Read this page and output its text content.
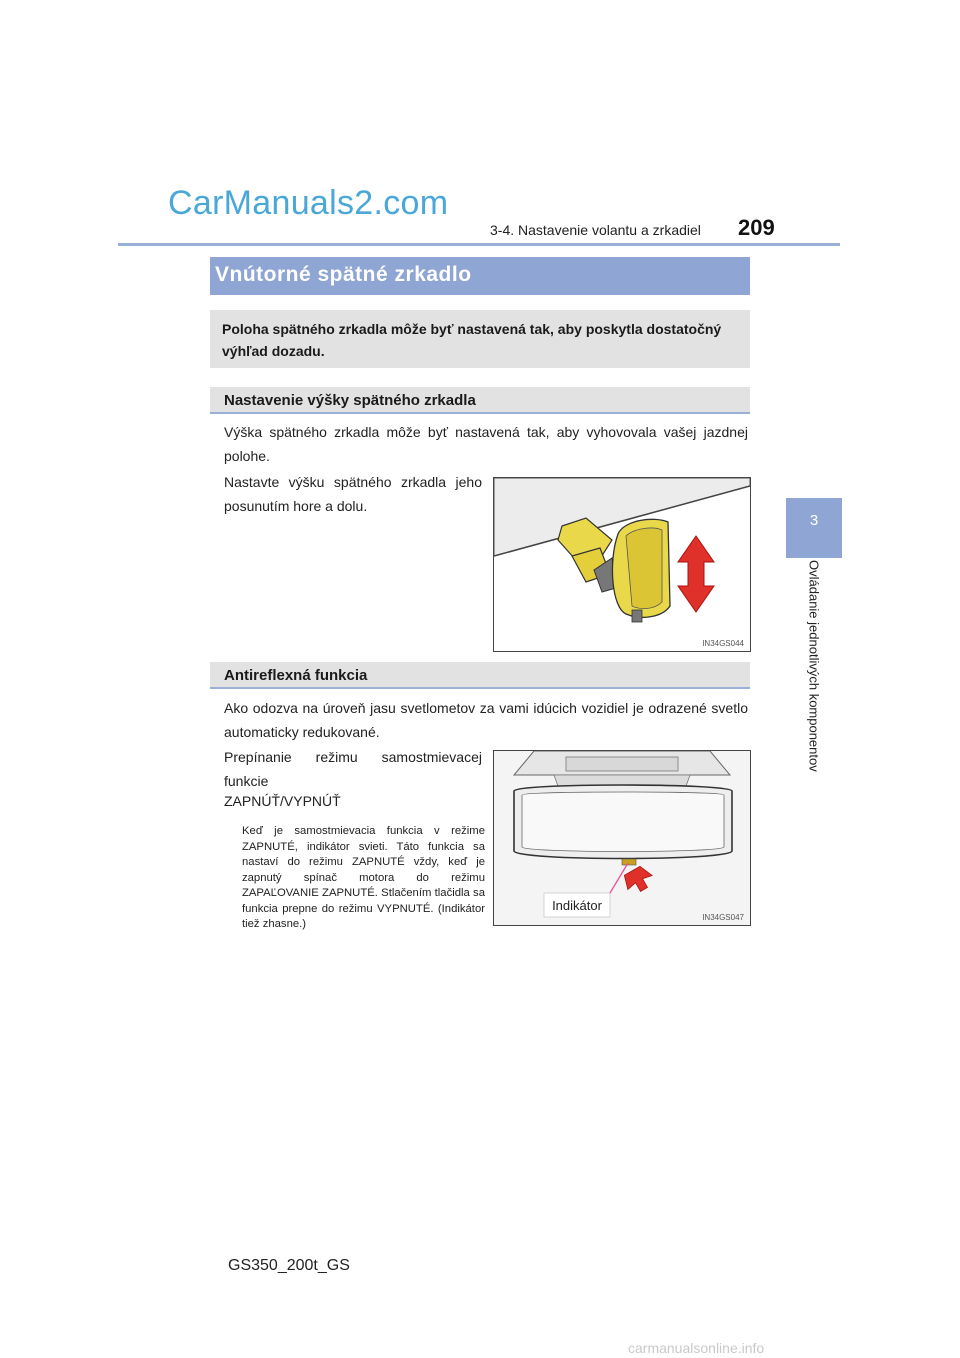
CarManuals2.com
3-4. Nastavenie volantu a zrkadiel 209
3
Ovládanie jednotlivých komponentov
Vnútorné spätné zrkadlo
Poloha spätného zrkadla môže byť nastavená tak, aby poskytla dostatočný výhľad dozadu.
Nastavenie výšky spätného zrkadla
Výška spätného zrkadla môže byť nastavená tak, aby vyhovovala vašej jazdnej polohe.
Nastavte výšku spätného zrkadla jeho posunutím hore a dolu.
IN34GS044
Antireflexná funkcia
Ako odozva na úroveň jasu svetlometov za vami idúcich vozidiel je odrazené svetlo automaticky redukované.
Prepínanie režimu samostmievacej funkcie
ZAPNÚŤ/VYPNÚŤ
Keď je samostmievacia funkcia v režime ZAPNUTÉ, indikátor svieti. Táto funkcia sa nastaví do režimu ZAPNUTÉ vždy, keď je zapnutý spínač motora do režimu ZAPAĽOVANIE ZAPNUTÉ. Stlačením tlačidla sa funkcia prepne do režimu VYPNUTÉ. (Indikátor tiež zhasne.)
Indikátor
IN34GS047
GS350_200t_GS
carmanualsonline.info
